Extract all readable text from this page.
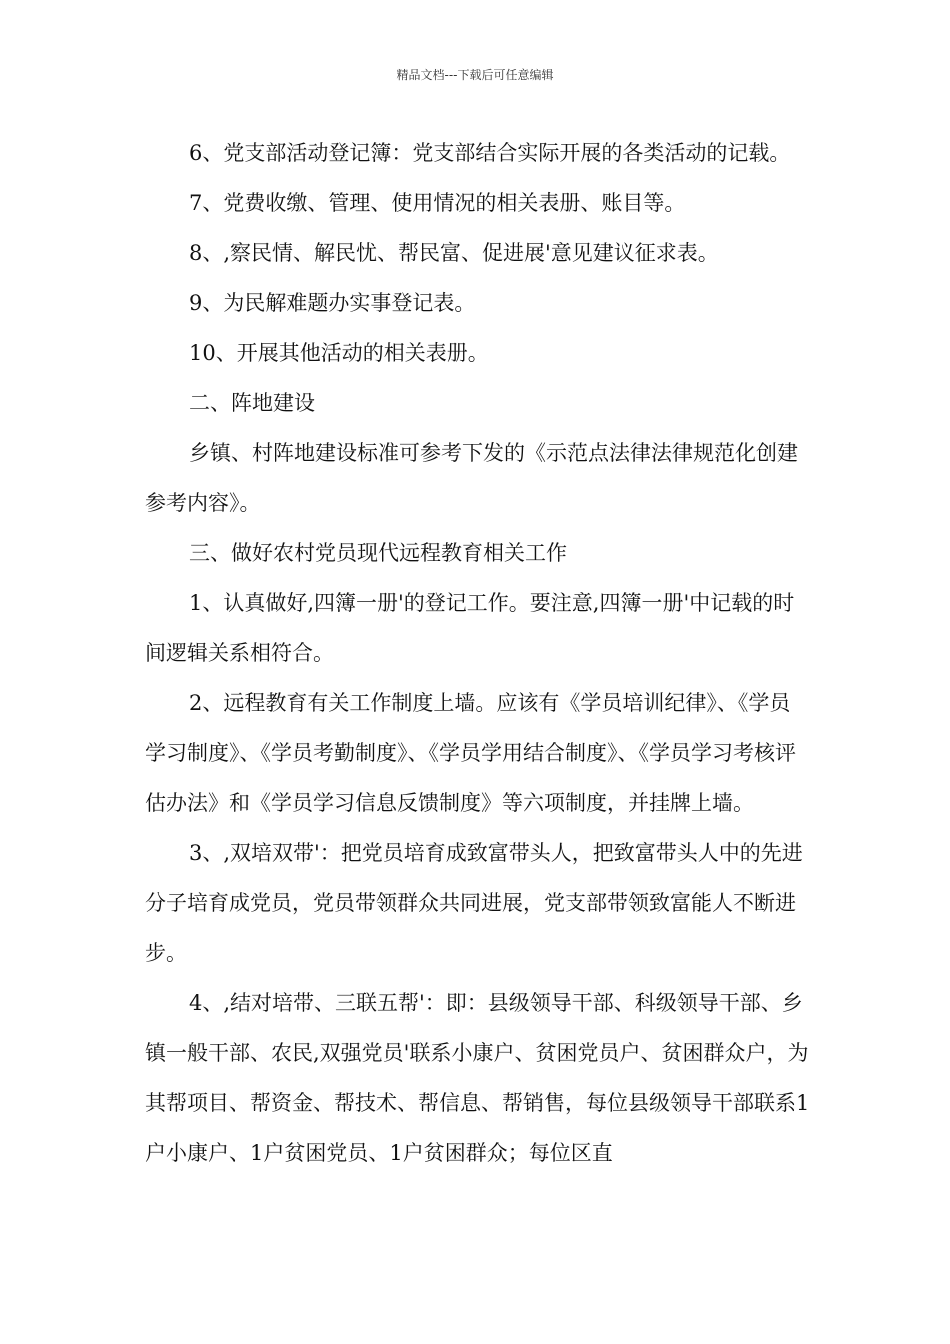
精品文档---下载后可任意编辑

6、党支部活动登记簿：党支部结合实际开展的各类活动的记载。

7、党费收缴、管理、使用情况的相关表册、账目等。

8、,察民情、解民忧、帮民富、促进展'意见建议征求表。

9、为民解难题办实事登记表。

10、开展其他活动的相关表册。

二、阵地建设

乡镇、村阵地建设标准可参考下发的《示范点法律法律规范化创建参考内容》。

三、做好农村党员现代远程教育相关工作

1、认真做好,四簿一册'的登记工作。要注意,四簿一册'中记载的时间逻辑关系相符合。

2、远程教育有关工作制度上墙。应该有《学员培训纪律》、《学员学习制度》、《学员考勤制度》、《学员学用结合制度》、《学员学习考核评估办法》和《学员学习信息反馈制度》等六项制度，并挂牌上墙。

3、,双培双带'：把党员培育成致富带头人，把致富带头人中的先进分子培育成党员，党员带领群众共同进展，党支部带领致富能人不断进步。

4、,结对培带、三联五帮'：即：县级领导干部、科级领导干部、乡镇一般干部、农民,双强党员'联系小康户、贫困党员户、贫困群众户，为其帮项目、帮资金、帮技术、帮信息、帮销售，每位县级领导干部联系1户小康户、1户贫困党员、1户贫困群众；每位区直
